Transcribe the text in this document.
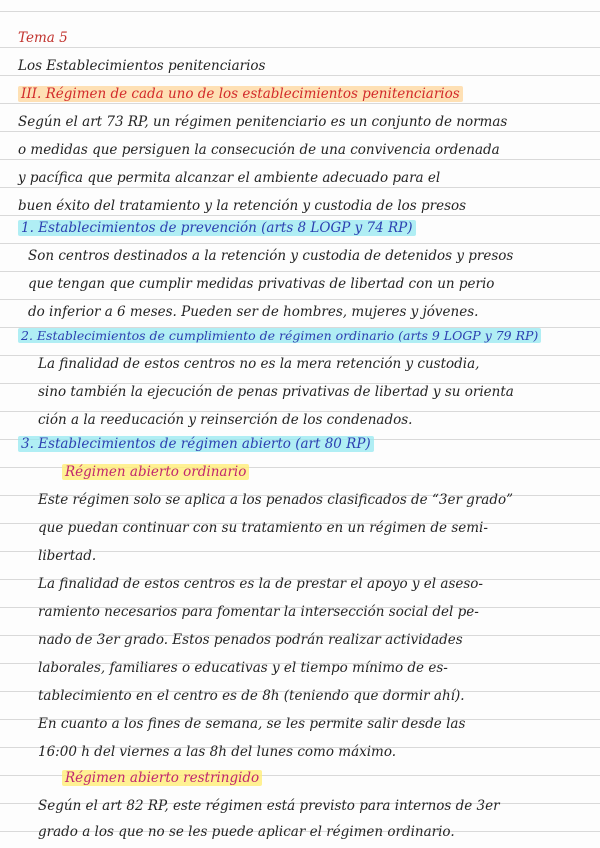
Tema 5
Los Establecimientos penitenciarios
III. Régimen de cada uno de los establecimientos penitenciarios
Según el art 73 RP, un régimen penitenciario es un conjunto de normas
o medidas que persiguen la consecución de una convivencia ordenada
y pacífica que permita alcanzar el ambiente adecuado para el
buen éxito del tratamiento y la retención y custodia de los presos
1. Establecimientos de prevención (arts 8 LOGP y 74 RP)
Son centros destinados a la retención y custodia de detenidos y presos
que tengan que cumplir medidas privativas de libertad con un perio
do inferior a 6 meses. Pueden ser de hombres, mujeres y jóvenes.
2. Establecimientos de cumplimiento de régimen ordinario (arts 9 LOGP y 79 RP)
La finalidad de estos centros no es la mera retención y custodia,
sino también la ejecución de penas privativas de libertad y su orienta
ción a la reeducación y reinserción de los condenados.
3. Establecimientos de régimen abierto (art 80 RP)
Régimen abierto ordinario
Este régimen solo se aplica a los penados clasificados de “3er grado”
que puedan continuar con su tratamiento en un régimen de semi-
libertad.
La finalidad de estos centros es la de prestar el apoyo y el aseso-
ramiento necesarios para fomentar la intersección social del pe-
nado de 3er grado. Estos penados podrán realizar actividades
laborales, familiares o educativas y el tiempo mínimo de es-
tablecimiento en el centro es de 8h (teniendo que dormir ahí).
En cuanto a los fines de semana, se les permite salir desde las
16:00 h del viernes a las 8h del lunes como máximo.
Régimen abierto restringido
Según el art 82 RP, este régimen está previsto para internos de 3er
grado a los que no se les puede aplicar el régimen ordinario.
